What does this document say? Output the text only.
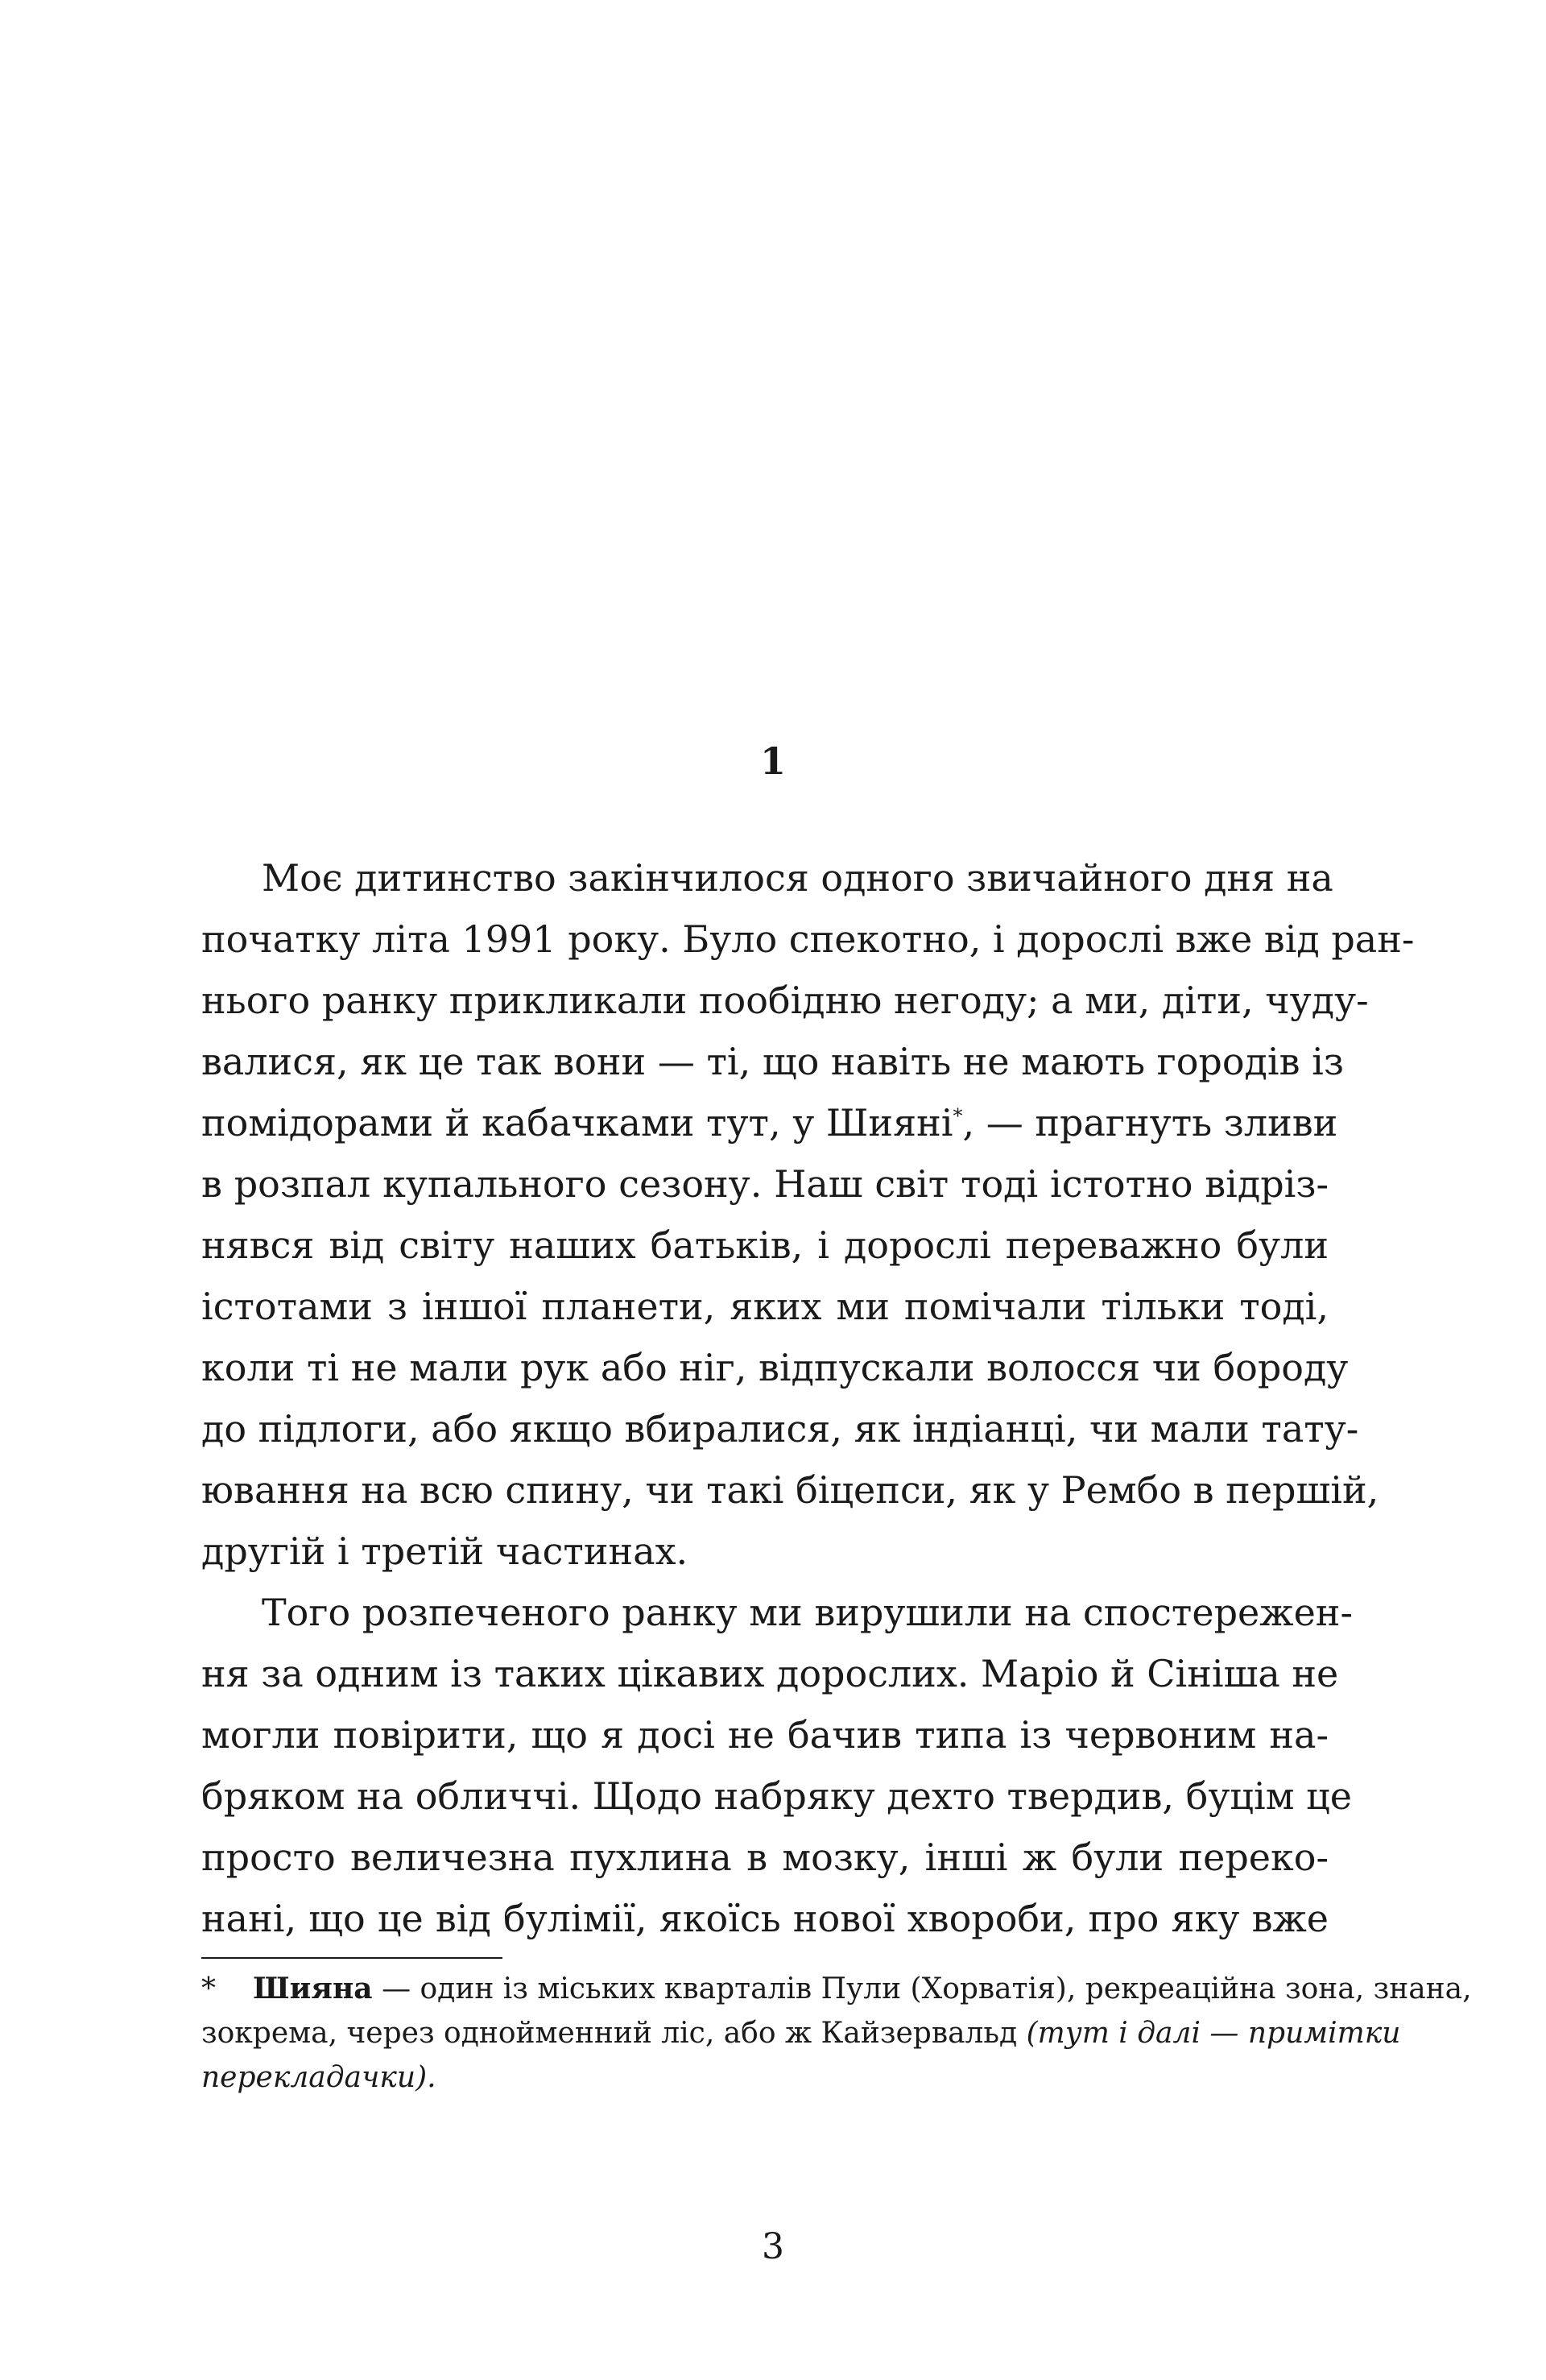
1
Моє дитинство закінчилося одного звичайного дня на
початку літа 1991 року. Було спекотно, і дорослі вже від ран-
нього ранку прикликали пообідню негоду; а ми, діти, чуду-
валися, як це так вони — ті, що навіть не мають городів із
помідорами й кабачками тут, у Шияні*, — прагнуть зливи
в розпал купального сезону. Наш світ тоді істотно відріз-
нявся від світу наших батьків, і дорослі переважно були
істотами з іншої планети, яких ми помічали тільки тоді,
коли ті не мали рук або ніг, відпускали волосся чи бороду
до підлоги, або якщо вбиралися, як індіанці, чи мали тату-
ювання на всю спину, чи такі біцепси, як у Рембо в першій,
другій і третій частинах.
Того розпеченого ранку ми вирушили на спостережен-
ня за одним із таких цікавих дорослих. Маріо й Сініша не
могли повірити, що я досі не бачив типа із червоним на-
бряком на обличчі. Щодо набряку дехто твердив, буцім це
просто величезна пухлина в мозку, інші ж були переко-
нані, що це від булімії, якоїсь нової хвороби, про яку вже
* Шияна — один із міських кварталів Пули (Хорватія), рекреаційна зона, знана,
зокрема, через однойменний ліс, або ж Кайзервальд (тут і далі — примітки
перекладачки).
3
